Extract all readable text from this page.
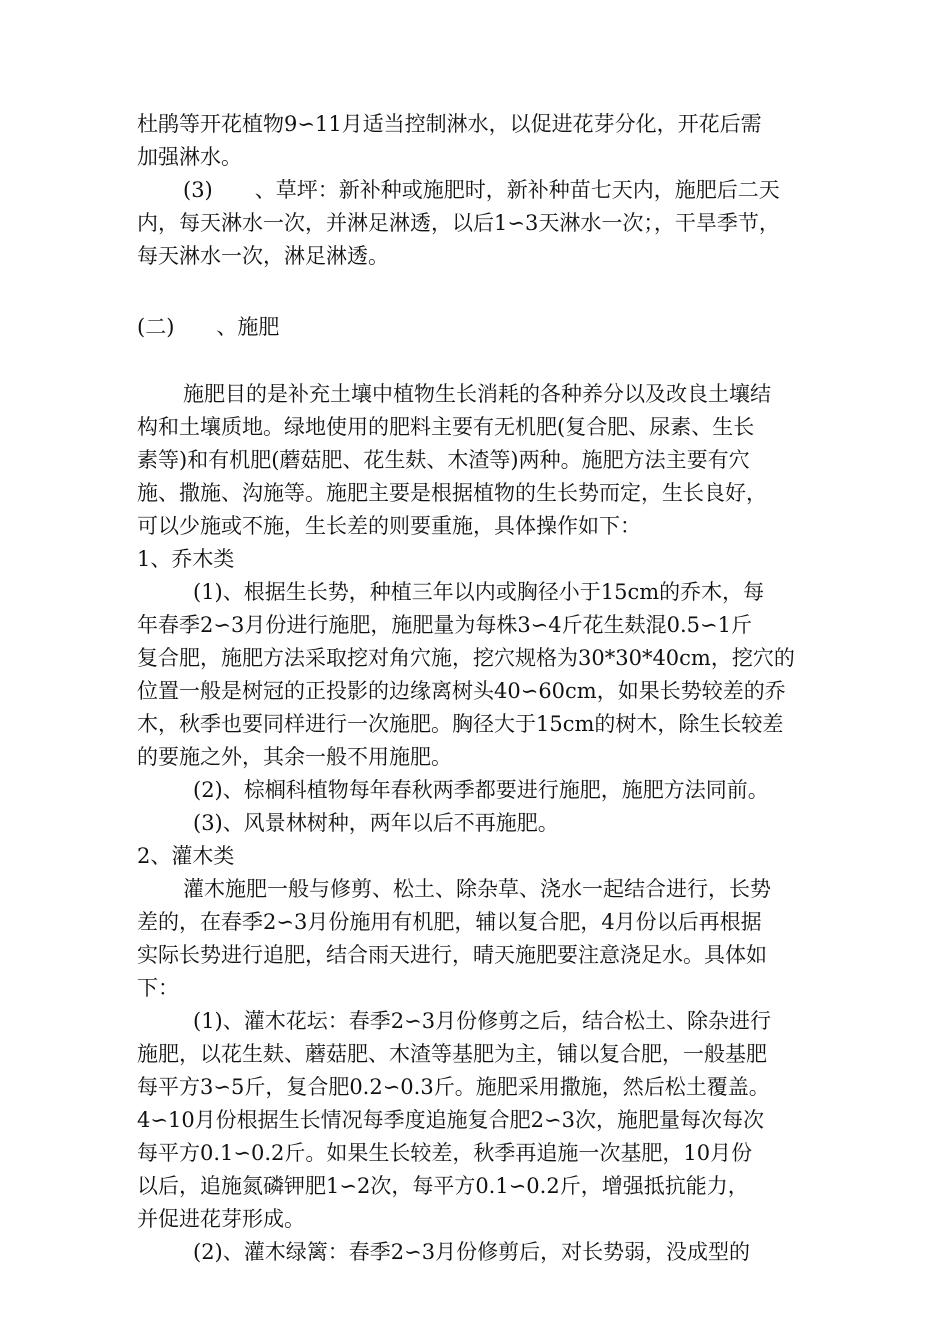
杜鹃等开花植物9∽11月适当控制淋水，以促进花芽分化，开花后需
加强淋水。
(3)　　、草坪：新补种或施肥时，新补种苗七天内，施肥后二天
内，每天淋水一次，并淋足淋透，以后1∽3天淋水一次；，干旱季节，
每天淋水一次，淋足淋透。
(二)　　、施肥
施肥目的是补充土壤中植物生长消耗的各种养分以及改良土壤结
构和土壤质地。绿地使用的肥料主要有无机肥(复合肥、尿素、生长
素等)和有机肥(蘑菇肥、花生麸、木渣等)两种。施肥方法主要有穴
施、撒施、沟施等。施肥主要是根据植物的生长势而定，生长良好，
可以少施或不施，生长差的则要重施，具体操作如下：
1、乔木类
(1)、根据生长势，种植三年以内或胸径小于15cm的乔木，每
年春季2∽3月份进行施肥，施肥量为每株3∽4斤花生麸混0.5∽1斤
复合肥，施肥方法采取挖对角穴施，挖穴规格为30*30*40cm，挖穴的
位置一般是树冠的正投影的边缘离树头40∽60cm，如果长势较差的乔
木，秋季也要同样进行一次施肥。胸径大于15cm的树木，除生长较差
的要施之外，其余一般不用施肥。
(2)、棕榈科植物每年春秋两季都要进行施肥，施肥方法同前。
(3)、风景林树种，两年以后不再施肥。
2、灌木类
灌木施肥一般与修剪、松土、除杂草、浇水一起结合进行，长势
差的，在春季2∽3月份施用有机肥，辅以复合肥，4月份以后再根据
实际长势进行追肥，结合雨天进行，晴天施肥要注意浇足水。具体如
下：
(1)、灌木花坛：春季2∽3月份修剪之后，结合松土、除杂进行
施肥，以花生麸、蘑菇肥、木渣等基肥为主，铺以复合肥，一般基肥
每平方3∽5斤，复合肥0.2∽0.3斤。施肥采用撒施，然后松土覆盖。
4∽10月份根据生长情况每季度追施复合肥2∽3次，施肥量每次每次
每平方0.1∽0.2斤。如果生长较差，秋季再追施一次基肥，10月份
以后，追施氮磷钾肥1∽2次，每平方0.1∽0.2斤，增强抵抗能力，
并促进花芽形成。
(2)、灌木绿篱：春季2∽3月份修剪后，对长势弱，没成型的
